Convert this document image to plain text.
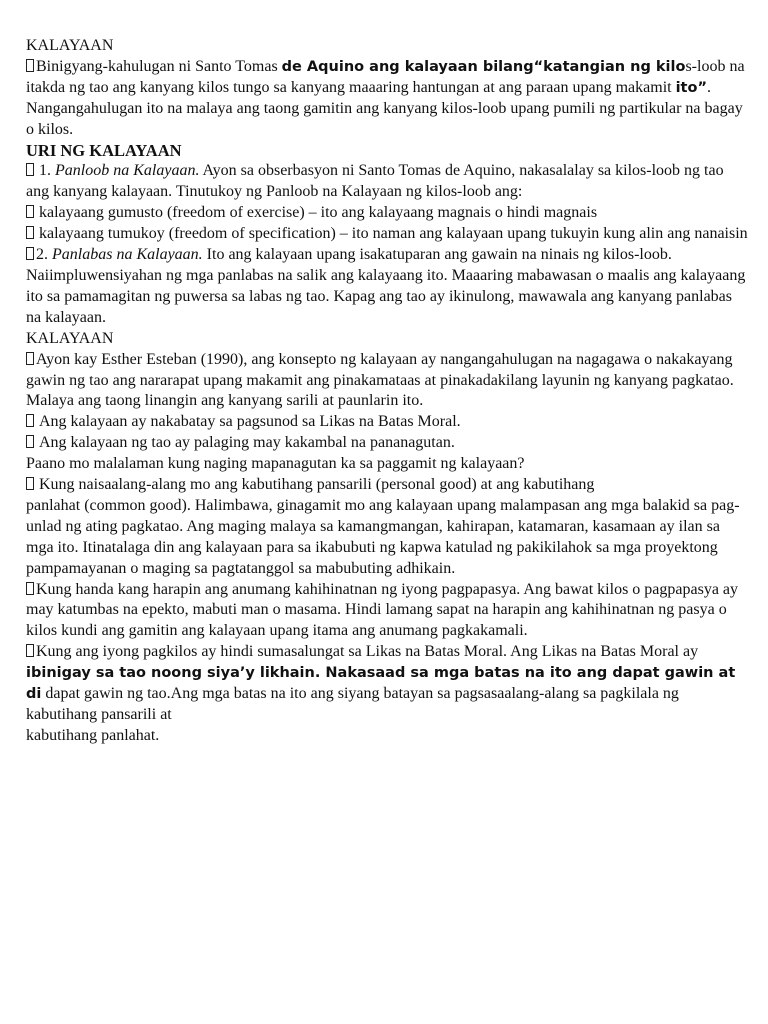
KALAYAAN

Binigyang-kahulugan ni Santo Tomas de Aquino ang kalayaan bilang“katangian ng kilos-loob na itakda ng tao ang kanyang kilos tungo sa kanyang maaaring hantungan at ang paraan upang makamit ito”.

Nangangahulugan ito na malaya ang taong gamitin ang kanyang kilos-loob upang pumili ng partikular na bagay o kilos.

URI NG KALAYAAN

1. Panloob na Kalayaan. Ayon sa obserbasyon ni Santo Tomas de Aquino, nakasalalay sa kilos-loob ng tao ang kanyang kalayaan. Tinutukoy ng Panloob na Kalayaan ng kilos-loob ang:

kalayaang gumusto (freedom of exercise) – ito ang kalayaang magnais o hindi magnais

kalayaang tumukoy (freedom of specification) – ito naman ang kalayaan upang tukuyin kung alin ang nanaisin

2. Panlabas na Kalayaan. Ito ang kalayaan upang isakatuparan ang gawain na ninais ng kilos-loob. Naiimpluwensiyahan ng mga panlabas na salik ang kalayaang ito. Maaaring mabawasan o maalis ang kalayaang ito sa pamamagitan ng puwersa sa labas ng tao. Kapag ang tao ay ikinulong, mawawala ang kanyang panlabas na kalayaan.

KALAYAAN

Ayon kay Esther Esteban (1990), ang konsepto ng kalayaan ay nangangahulugan na nagagawa o nakakayang gawin ng tao ang nararapat upang makamit ang pinakamataas at pinakadakilang layunin ng kanyang pagkatao. Malaya ang taong linangin ang kanyang sarili at paunlarin ito.

Ang kalayaan ay nakabatay sa pagsunod sa Likas na Batas Moral.

Ang kalayaan ng tao ay palaging may kakambal na pananagutan.

Paano mo malalaman kung naging mapanagutan ka sa paggamit ng kalayaan?

Kung naisaalang-alang mo ang kabutihang pansarili (personal good) at ang kabutihang
panlahat (common good). Halimbawa, ginagamit mo ang kalayaan upang malampasan ang mga balakid sa pag-unlad ng ating pagkatao. Ang maging malaya sa kamangmangan, kahirapan, katamaran, kasamaan ay ilan sa mga ito. Itinatalaga din ang kalayaan para sa ikabubuti ng kapwa katulad ng pakikilahok sa mga proyektong pampamayanan o maging sa pagtatanggol sa mabubuting adhikain.

Kung handa kang harapin ang anumang kahihinatnan ng iyong pagpapasya. Ang bawat kilos o pagpapasya ay may katumbas na epekto, mabuti man o masama. Hindi lamang sapat na harapin ang kahihinatnan ng pasya o kilos kundi ang gamitin ang kalayaan upang itama ang anumang pagkakamali.

Kung ang iyong pagkilos ay hindi sumasalungat sa Likas na Batas Moral. Ang Likas na Batas Moral ay ibinigay sa tao noong siya’y likhain. Nakasaad sa mga batas na ito ang dapat gawin at di dapat gawin ng tao.Ang mga batas na ito ang siyang batayan sa pagsasaalang-alang sa pagkilala ng kabutihang pansarili at
kabutihang panlahat.
